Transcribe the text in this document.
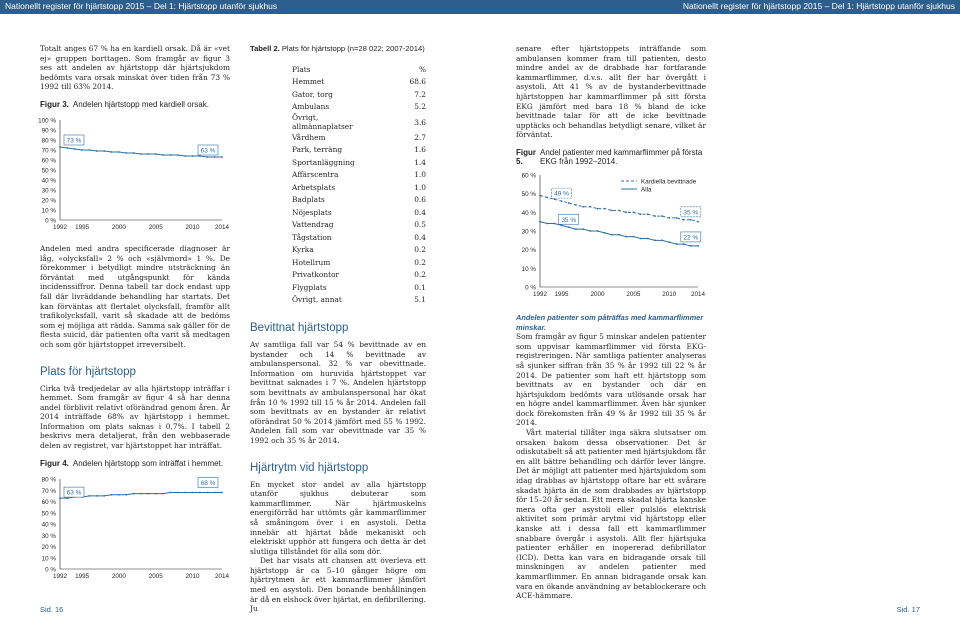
Nationellt register för hjärtstopp 2015 – Del 1: Hjärtstopp utanför sjukhus	Nationellt register för hjärtstopp 2015 – Del 1: Hjärtstopp utanför sjukhus

Totalt anges 67 % ha en kardiell orsak. Då är «vet ej» gruppen borttagen. Som framgår av figur 3 ses att andelen av hjärtstopp där hjärtsjukdom bedömts vara orsak minskat över tiden från 73 % 1992 till 63% 2014.

Figur 3. Andelen hjärtstopp med kardiell orsak.
0 %
10 %
20 %
30 %
40 %
50 %
60 %
70 %
80 %
90 %
100 %
1992 1995	2000	2005	2010 2014
73 %
63 %

Andelen med andra specificerade diagnoser är låg, «olycksfall» 2 % och «självmord» 1 %. De förekommer i betydligt mindre utsträckning än förväntat med utgångspunkt för kända incidenssiffror. Denna tabell tar dock endast upp fall där livräddande behandling har startats. Det kan förväntas att flertalet olycksfall, framför allt trafikolycksfall, varit så skadade att de bedöms som ej möjliga att rädda. Samma sak gäller för de flesta suicid, där patienten ofta varit så medtagen och som gör hjärtstoppet irreversibelt.

Plats för hjärtstopp

Cirka två tredjedelar av alla hjärtstopp inträffar i hemmet. Som framgår av figur 4 så har denna andel förblivit relativt oförändrad genom åren. År 2014 inträffade 68% av hjärtstopp i hemmet. Information om plats saknas i 0,7%. I tabell 2 beskrivs mera detaljerat, från den webbaserade delen av registret, var hjärtstoppet har inträffat.

Figur 4. Andelen hjärtstopp som inträffat i hemmet.
0 %
10 %
20 %
30 %
40 %
50 %
60 %
70 %
80 %
1992 1995	2000	2005	2010 2014
63 %
68 %
Tabell 2. Plats för hjärtstopp (n=28 022; 2007-2014)
Plats	%
Hemmet	68.6
Gator, torg	7.2
Ambulans	5.2
Övrigt, allmännaplatser	3.6
Vårdhem	2.7
Park, terräng	1.6
Sportanläggning	1.4
Affärscentra	1.0
Arbetsplats	1.0
Badplats	0.6
Nöjesplats	0.4
Vattendrag	0.5
Tågstation	0.4
Kyrka	0.2
Hotellrum	0.2
Privatkontor	0.2
Flygplats	0.1
Övrigt, annat	5.1
Bevittnat hjärtstopp

Av samtliga fall var 54 % bevittnade av en bystander och 14 % bevittnade av ambulanspersonal. 32 % var obevittnade. Information om huruvida hjärtstoppet var bevittnat saknades i 7 %. Andelen hjärtstopp som bevittnats av ambulanspersonal har ökat från 10 % 1992 till 15 % år 2014. Andelen fall som bevittnats av en bystander är relativt oförändrat 50 % 2014 jämfört med 55 % 1992. Andelen fall som var obevittnade var 35 % 1992 och 35 % år 2014.

Hjärtrytm vid hjärtstopp

En mycket stor andel av alla hjärtstopp utanför sjukhus debuterar som kammarflimmer. När hjärtmuskelns energiförråd har uttömts går kammarflimmer så småningom över i en asystoli. Detta innebär att hjärtat både mekaniskt och elektriskt upphör att fungera och detta är det slutliga tillståndet för alla som dör.

Det har visats att chansen att överleva ett hjärtstopp är ca 5–10 gånger högre om hjärtrytmen är ett kammarflimmer jämfört med en asystoli. Den bonande benhållningen är då en elshock över hjärtat, en defibrillering. Ju

senare efter hjärtstoppets inträffande som ambulansen kommer fram till patienten, desto mindre andel av de drabbade har fortfarande kammarflimmer, d.v.s. allt fler har övergått i asystoli. Att 41 % av de bystanderbevittnade hjärtstoppen har kammarflimmer på sitt första EKG jämfört med bara 18 % bland de icke bevittnade talar för att de icke bevittnade upptäcks och behandlas betydligt senare, vilket är förväntat.

Figur 5.
Andel patienter med kammarflimmer på första EKG från 1992–2014.
0 %
10 %
20 %
30 %
40 %
50 %
60 %
1992 1995	2000	2005	2010 2014
49 %
35 %
35 %
22 %
Kardiella bevittnade
Alla
Andelen patienter som påträffas med kammarflimmer minskar.

Som framgår av figur 5 minskar andelen patienter som uppvisar kammarflimmer vid första EKG-registreringen. När samtliga patienter analyseras så sjunker siffran från 35 % år 1992 till 22 % år 2014. De patienter som haft ett hjärtstopp som bevittnats av en bystander och där en hjärtsjukdom bedömts vara utlösande orsak har en högre andel kammarflimmer. Även här sjunker dock förekomsten från 49 % år 1992 till 35 % år 2014.

Vårt material tillåter inga säkra slutsatser om orsaken bakom dessa observationer. Det är odiskutabelt så att patienter med hjärtsjukdom får en allt bättre behandling och därför lever längre. Det är möjligt att patienter med hjärtsjukdom som idag drabbas av hjärtstopp oftare har ett svårare skadat hjärta än de som drabbades av hjärtstopp för 15–20 år sedan. Ett mera skadat hjärta kanske mera ofta ger asystoli eller pulslös elektrisk aktivitet som primär arytmi vid hjärtstopp eller kanske att i dessa fall ett kammarflimmer snabbare övergår i asystoli. Allt fler hjärtsjuka patienter erhåller en inopererad defibrillator (ICD). Detta kan vara en bidragande orsak till minskningen av andelen patienter med kammarflimmer. En annan bidragande orsak kan vara en ökande användning av betablockerare och ACE-hämmare.

Sid. 16	Sid. 17
